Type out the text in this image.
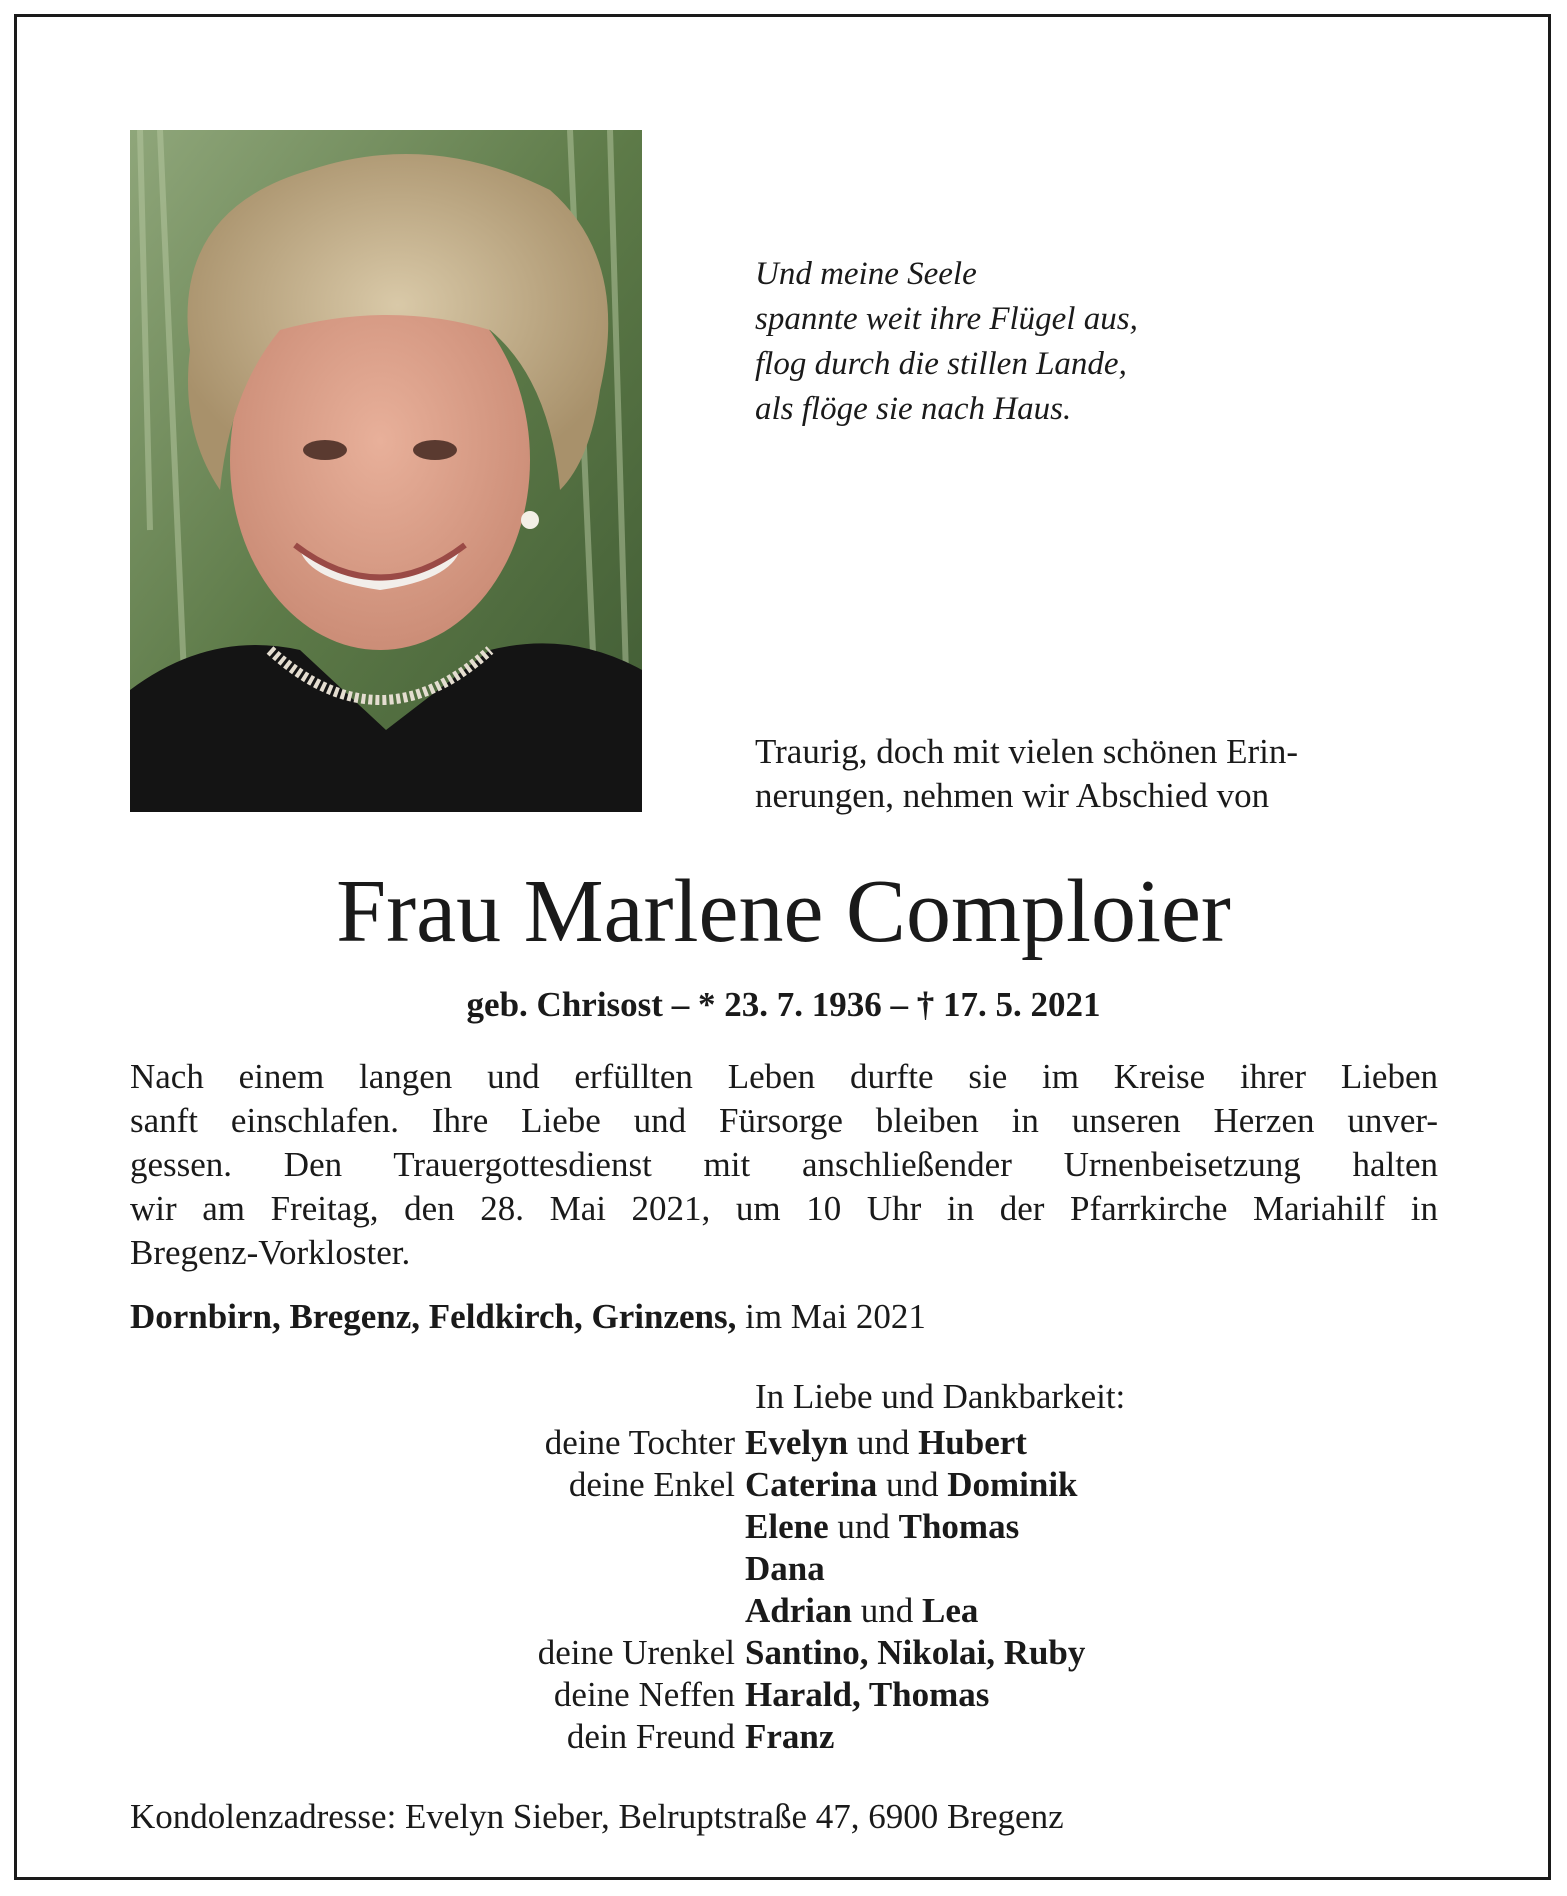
Und meine Seele
spannte weit ihre Flügel aus,
flog durch die stillen Lande,
als flöge sie nach Haus.
Traurig, doch mit vielen schönen Erin-
nerungen, nehmen wir Abschied von
Frau Marlene Comploier
geb. Chrisost – * 23. 7. 1936 – † 17. 5. 2021
Nach einem langen und erfüllten Leben durfte sie im Kreise ihrer Lieben
sanft einschlafen. Ihre Liebe und Fürsorge bleiben in unseren Herzen unver-
gessen. Den Trauergottesdienst mit anschließender Urnenbeisetzung halten
wir am Freitag, den 28. Mai 2021, um 10 Uhr in der Pfarrkirche Mariahilf in
Bregenz-Vorkloster.
Dornbirn, Bregenz, Feldkirch, Grinzens, im Mai 2021
In Liebe und Dankbarkeit:
deine Tochter Evelyn und Hubert
deine Enkel Caterina und Dominik
Elene und Thomas
Dana
Adrian und Lea
deine Urenkel Santino, Nikolai, Ruby
deine Neffen Harald, Thomas
dein Freund Franz
Kondolenzadresse: Evelyn Sieber, Belruptstraße 47, 6900 Bregenz
